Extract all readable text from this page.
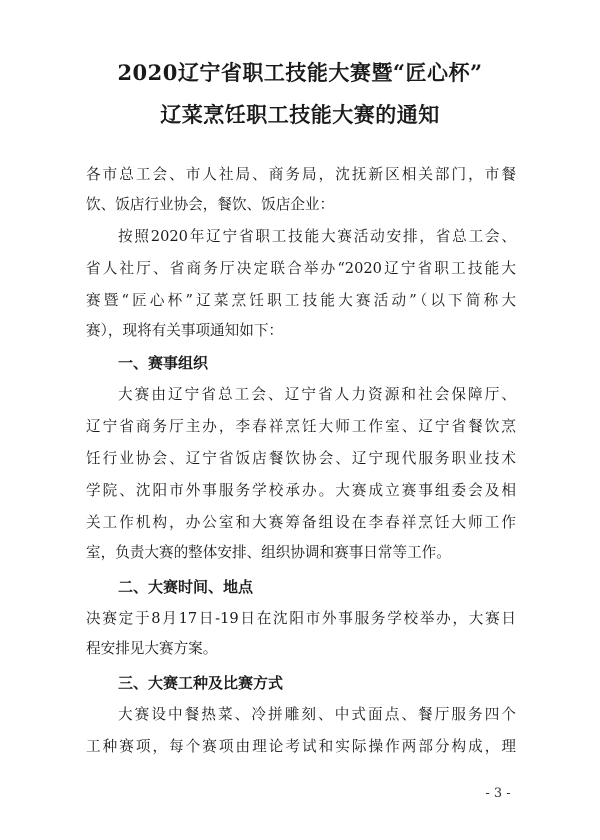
2020辽宁省职工技能大赛暨“匠心杯”
辽菜烹饪职工技能大赛的通知
各市总工会、市人社局、商务局，沈抚新区相关部门，市餐
饮、饭店行业协会，餐饮、饭店企业：
按照2020年辽宁省职工技能大赛活动安排，省总工会、
省人社厅、省商务厅决定联合举办“2020辽宁省职工技能大
赛暨“匠心杯”辽菜烹饪职工技能大赛活动”（以下简称大
赛），现将有关事项通知如下：
一、赛事组织
大赛由辽宁省总工会、辽宁省人力资源和社会保障厅、
辽宁省商务厅主办，李春祥烹饪大师工作室、辽宁省餐饮烹
饪行业协会、辽宁省饭店餐饮协会、辽宁现代服务职业技术
学院、沈阳市外事服务学校承办。大赛成立赛事组委会及相
关工作机构，办公室和大赛筹备组设在李春祥烹饪大师工作
室，负责大赛的整体安排、组织协调和赛事日常等工作。
二、大赛时间、地点
决赛定于8月17日-19日在沈阳市外事服务学校举办，大赛日
程安排见大赛方案。
三、大赛工种及比赛方式
大赛设中餐热菜、冷拼雕刻、中式面点、餐厅服务四个
工种赛项，每个赛项由理论考试和实际操作两部分构成，理
- 3 -
